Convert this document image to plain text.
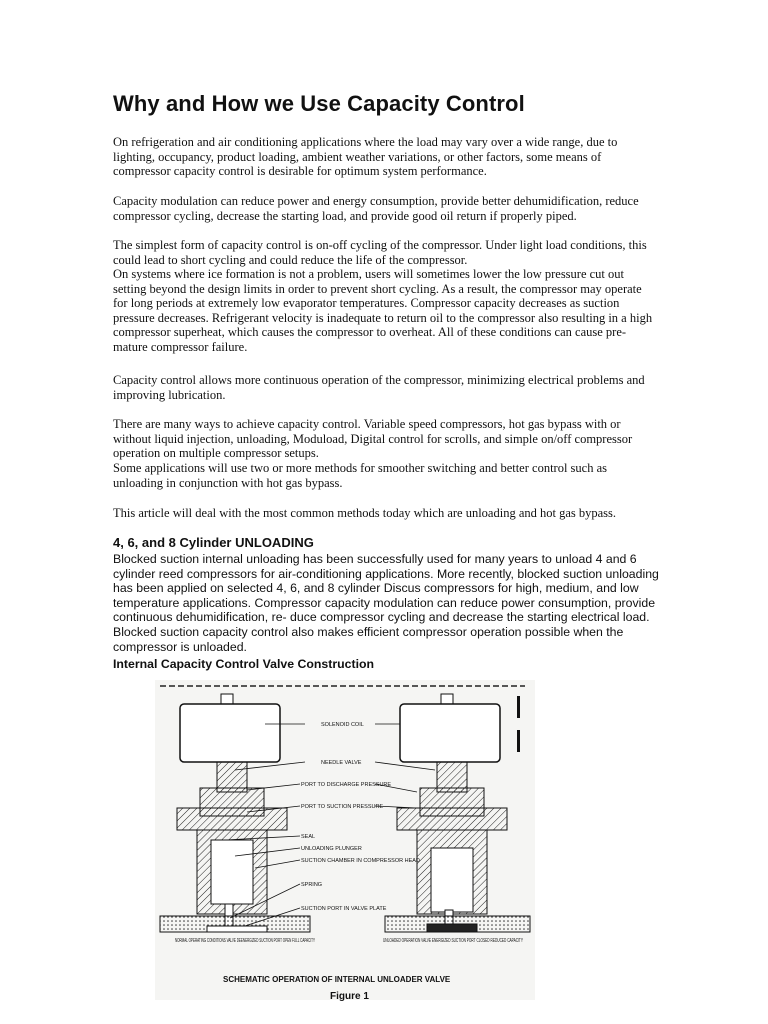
Why and How we Use Capacity Control

On refrigeration and air conditioning applications where the load may vary over a wide range, due to lighting, occupancy, product loading, ambient weather variations, or other factors, some means of compressor capacity control is desirable for optimum system performance.

Capacity modulation can reduce power and energy consumption, provide better dehumidification, reduce compressor cycling, decrease the starting load, and provide good oil return if properly piped.

The simplest form of capacity control is on-off cycling of the compressor. Under light load conditions, this could lead to short cycling and could reduce the life of the compressor.

On systems where ice formation is not a problem, users will sometimes lower the low pressure cut out setting beyond the design limits in order to prevent short cycling. As a result, the compressor may operate for long periods at extremely low evaporator temperatures. Compressor capacity decreases as suction pressure decreases. Refrigerant velocity is inadequate to return oil to the compressor also resulting in a high compressor superheat, which causes the compressor to overheat. All of these conditions can cause pre-mature compressor failure.

Capacity control allows more continuous operation of the compressor, minimizing electrical problems and improving lubrication.

There are many ways to achieve capacity control. Variable speed compressors, hot gas bypass with or without liquid injection, unloading, Moduload, Digital control for scrolls, and simple on/off compressor operation on multiple compressor setups.

Some applications will use two or more methods for smoother switching and better control such as unloading in conjunction with hot gas bypass.

This article will deal with the most common methods today which are unloading and hot gas bypass.

4, 6, and 8 Cylinder UNLOADING

Blocked suction internal unloading has been successfully used for many years to unload 4 and 6 cylinder reed compressors for air-conditioning applications. More recently, blocked suction unloading has been applied on selected 4, 6, and 8 cylinder Discus compressors for high, medium, and low temperature applications. Compressor capacity modulation can reduce power consumption, provide continuous dehumidification, re- duce compressor cycling and decrease the starting electrical load. Blocked suction capacity control also makes efficient compressor operation possible when the compressor is unloaded.

Internal Capacity Control Valve Construction
SOLENOID COIL
NEEDLE VALVE
PORT TO DISCHARGE PRESSURE
PORT TO SUCTION PRESSURE
SEAL
UNLOADING PLUNGER
SUCTION CHAMBER IN COMPRESSOR HEAD
SPRING
SUCTION PORT IN VALVE PLATE
NORMAL OPERATING CONDITIONS VALVE DEENERGIZED SUCTION PORT OPEN FULL CAPACITY	UNLOADED OPERATION VALVE ENERGIZED SUCTION PORT CLOSED REDUCED CAPACITY
SCHEMATIC OPERATION OF INTERNAL UNLOADER VALVE

Figure 1
